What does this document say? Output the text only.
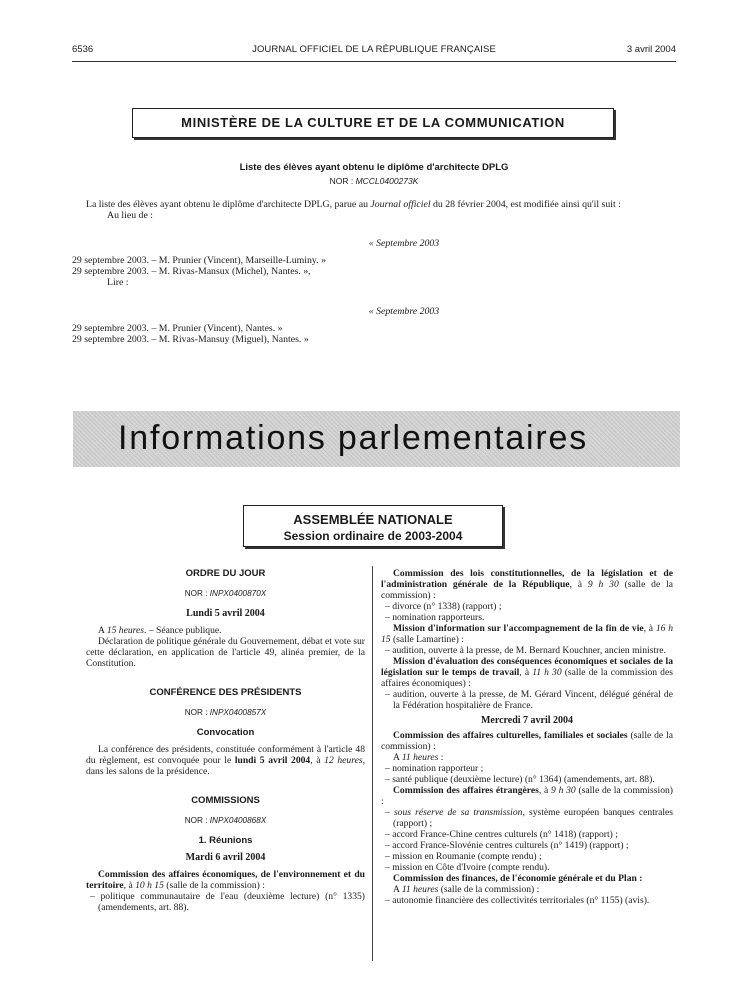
6536	JOURNAL OFFICIEL DE LA RÉPUBLIQUE FRANÇAISE	3 avril 2004
MINISTÈRE DE LA CULTURE ET DE LA COMMUNICATION
Liste des élèves ayant obtenu le diplôme d'architecte DPLG
NOR : MCCL0400273K
La liste des élèves ayant obtenu le diplôme d'architecte DPLG, parue au Journal officiel du 28 février 2004, est modifiée ainsi qu'il suit :
Au lieu de :
« Septembre 2003
29 septembre 2003. – M. Prunier (Vincent), Marseille-Luminy. »
29 septembre 2003. – M. Rivas-Mansux (Michel), Nantes. »,
Lire :
« Septembre 2003
29 septembre 2003. – M. Prunier (Vincent), Nantes. »
29 septembre 2003. – M. Rivas-Mansuy (Miguel), Nantes. »
Informations parlementaires
ASSEMBLÉE NATIONALE
Session ordinaire de 2003-2004
ORDRE DU JOUR
NOR : INPX0400870X
Lundi 5 avril 2004

A 15 heures. – Séance publique.

Déclaration de politique générale du Gouvernement, débat et vote sur cette déclaration, en application de l'article 49, alinéa premier, de la Constitution.

CONFÉRENCE DES PRÉSIDENTS
NOR : INPX0400857X
Convocation

La conférence des présidents, constituée conformément à l'article 48 du règlement, est convoquée pour le lundi 5 avril 2004, à 12 heures, dans les salons de la présidence.

COMMISSIONS
NOR : INPX0400868X
1. Réunions
Mardi 6 avril 2004

Commission des affaires économiques, de l'environnement et du territoire, à 10 h 15 (salle de la commission) :

– politique communautaire de l'eau (deuxième lecture) (n° 1335) (amendements, art. 88).

Commission des lois constitutionnelles, de la législation et de l'administration générale de la République, à 9 h 30 (salle de la commission) :

– divorce (n° 1338) (rapport) ;

– nomination rapporteurs.

Mission d'information sur l'accompagnement de la fin de vie, à 16 h 15 (salle Lamartine) :

– audition, ouverte à la presse, de M. Bernard Kouchner, ancien ministre.

Mission d'évaluation des conséquences économiques et sociales de la législation sur le temps de travail, à 11 h 30 (salle de la commission des affaires économiques) :

– audition, ouverte à la presse, de M. Gérard Vincent, délégué général de la Fédération hospitalière de France.

Mercredi 7 avril 2004

Commission des affaires culturelles, familiales et sociales (salle de la commission) :

A 11 heures :

– nomination rapporteur ;

– santé publique (deuxième lecture) (n° 1364) (amendements, art. 88).

Commission des affaires étrangères, à 9 h 30 (salle de la commission) :

– sous réserve de sa transmission, système européen banques centrales (rapport) ;

– accord France-Chine centres culturels (n° 1418) (rapport) ;

– accord France-Slovénie centres culturels (n° 1419) (rapport) ;

– mission en Roumanie (compte rendu) ;

– mission en Côte d'Ivoire (compte rendu).

Commission des finances, de l'économie générale et du Plan :

A 11 heures (salle de la commission) :

– autonomie financière des collectivités territoriales (n° 1155) (avis).
